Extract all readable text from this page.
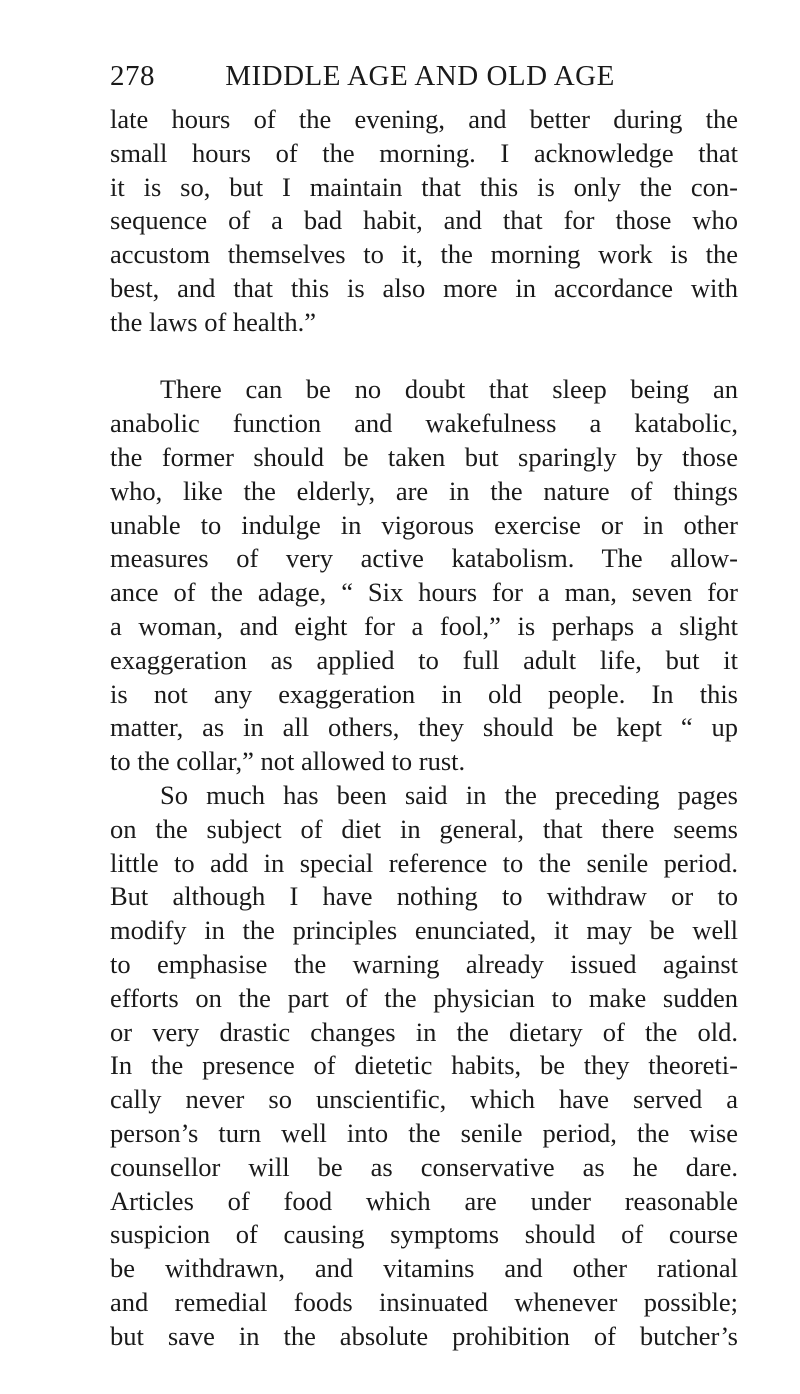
278	MIDDLE AGE AND OLD AGE
late hours of the evening, and better during the
small hours of the morning. I acknowledge that
it is so, but I maintain that this is only the con-
sequence of a bad habit, and that for those who
accustom themselves to it, the morning work is the
best, and that this is also more in accordance with
the laws of health.”
There can be no doubt that sleep being an
anabolic function and wakefulness a katabolic,
the former should be taken but sparingly by those
who, like the elderly, are in the nature of things
unable to indulge in vigorous exercise or in other
measures of very active katabolism. The allow-
ance of the adage, “ Six hours for a man, seven for
a woman, and eight for a fool,” is perhaps a slight
exaggeration as applied to full adult life, but it
is not any exaggeration in old people. In this
matter, as in all others, they should be kept “ up
to the collar,” not allowed to rust.
So much has been said in the preceding pages
on the subject of diet in general, that there seems
little to add in special reference to the senile period.
But although I have nothing to withdraw or to
modify in the principles enunciated, it may be well
to emphasise the warning already issued against
efforts on the part of the physician to make sudden
or very drastic changes in the dietary of the old.
In the presence of dietetic habits, be they theoreti-
cally never so unscientific, which have served a
person’s turn well into the senile period, the wise
counsellor will be as conservative as he dare.
Articles of food which are under reasonable
suspicion of causing symptoms should of course
be withdrawn, and vitamins and other rational
and remedial foods insinuated whenever possible;
but save in the absolute prohibition of butcher’s
